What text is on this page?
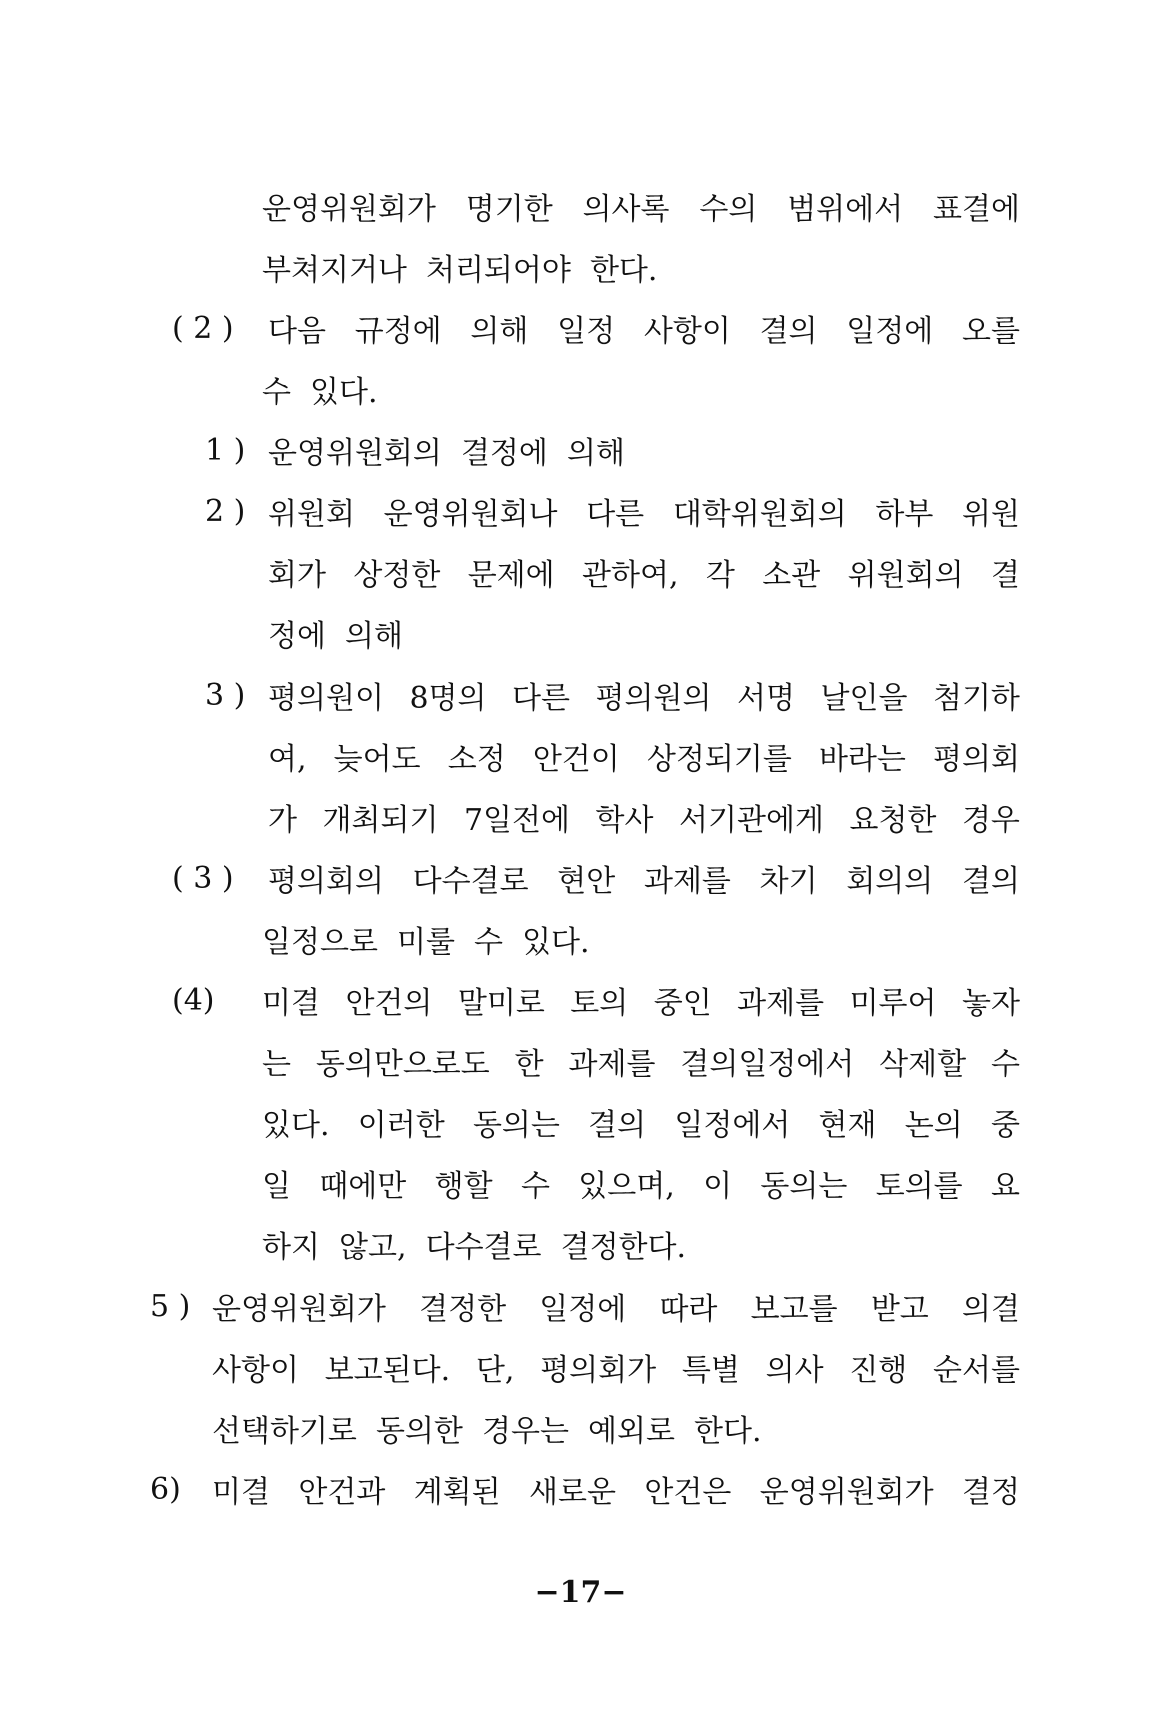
운영위원회가 명기한 의사록 수의 범위에서 표결에
부쳐지거나  처리되어야  한다.
( 2 ) 다음 규정에 의해 일정 사항이 결의 일정에 오를
수  있다.
1 ) 운영위원회의  결정에  의해
2 ) 위원회 운영위원회나 다른 대학위원회의 하부 위원
회가 상정한 문제에 관하여, 각 소관 위원회의 결
정에  의해
3 ) 평의원이 8명의 다른 평의원의 서명 날인을 첨기하
여, 늦어도 소정 안건이 상정되기를 바라는 평의회
가 개최되기 7일전에 학사 서기관에게 요청한 경우
( 3 ) 평의회의 다수결로 현안 과제를 차기 회의의 결의
일정으로  미룰  수  있다.
(4) 미결 안건의 말미로 토의 중인 과제를 미루어 놓자
는 동의만으로도 한 과제를 결의일정에서 삭제할 수
있다. 이러한 동의는 결의 일정에서 현재 논의 중
일 때에만 행할 수 있으며, 이 동의는 토의를 요
하지  않고,  다수결로  결정한다.
5 ) 운영위원회가 결정한 일정에 따라 보고를 받고 의결
사항이 보고된다. 단, 평의회가 특별 의사 진행 순서를
선택하기로  동의한  경우는  예외로  한다.
6) 미결 안건과 계획된 새로운 안건은 운영위원회가 결정
−17−
